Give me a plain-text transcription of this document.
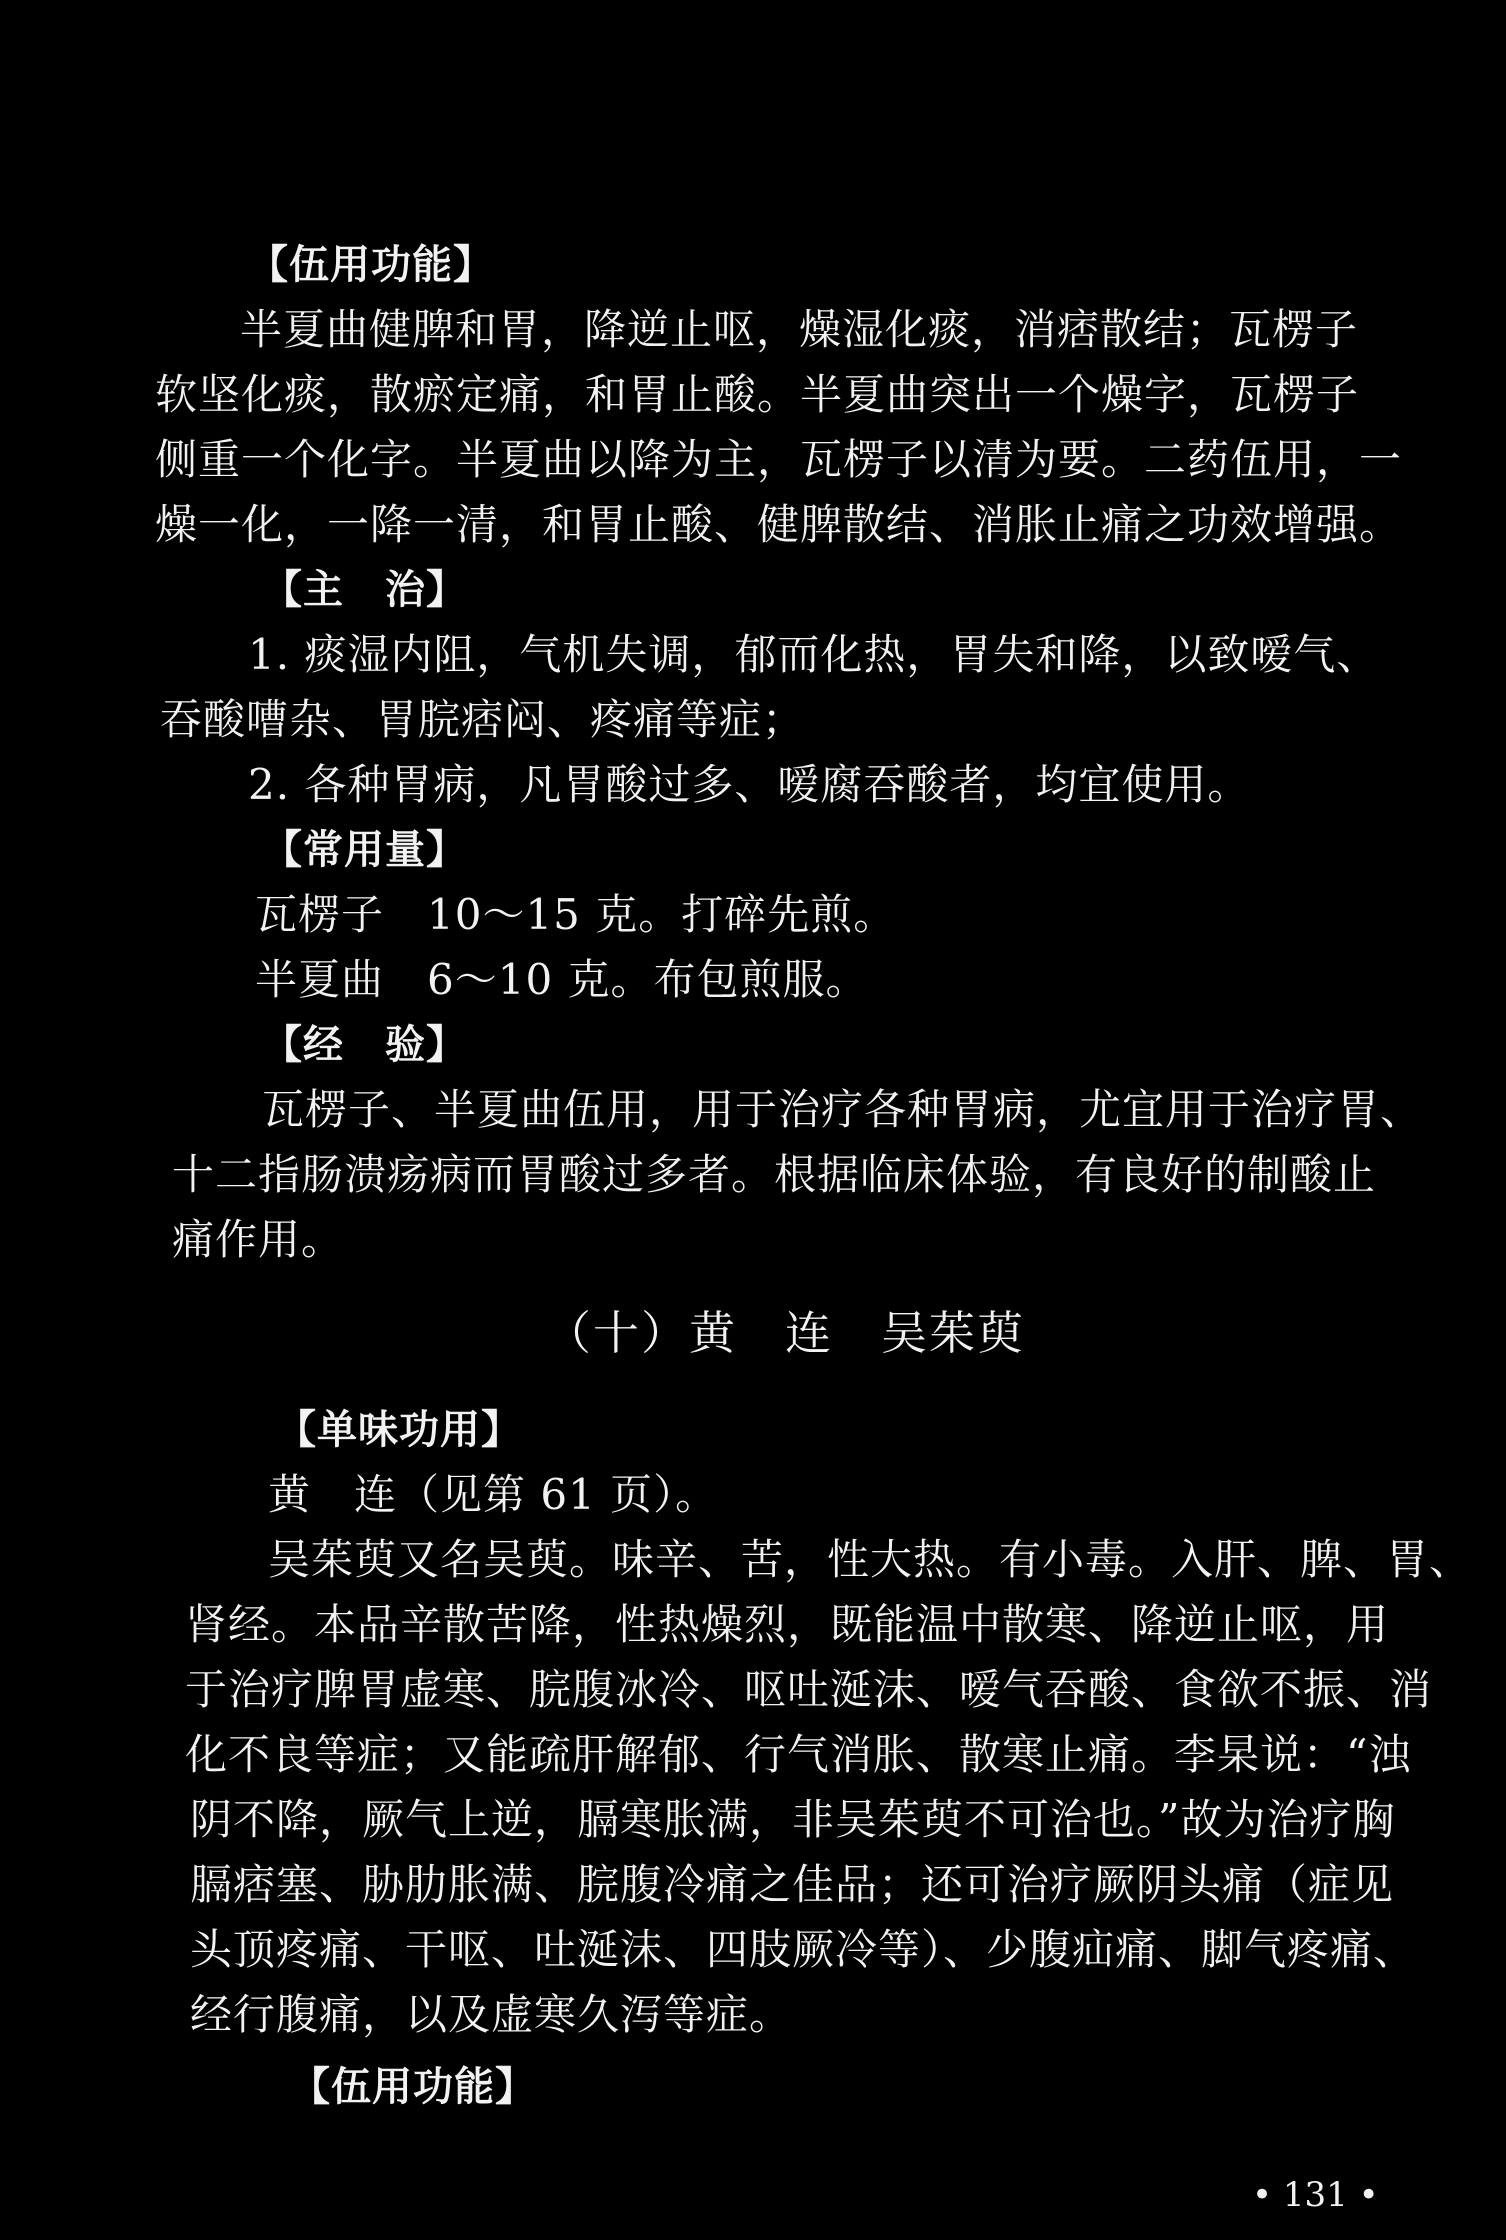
【伍用功能】
半夏曲健脾和胃，降逆止呕，燥湿化痰，消痞散结；瓦楞子
软坚化痰，散瘀定痛，和胃止酸。半夏曲突出一个燥字，瓦楞子
侧重一个化字。半夏曲以降为主，瓦楞子以清为要。二药伍用，一
燥一化，一降一清，和胃止酸、健脾散结、消胀止痛之功效增强。
【主　治】
1. 痰湿内阻，气机失调，郁而化热，胃失和降，以致嗳气、
吞酸嘈杂、胃脘痞闷、疼痛等症；
2. 各种胃病，凡胃酸过多、嗳腐吞酸者，均宜使用。
【常用量】
瓦楞子　10～15 克。打碎先煎。
半夏曲　6～10 克。布包煎服。
【经　验】
瓦楞子、半夏曲伍用，用于治疗各种胃病，尤宜用于治疗胃、
十二指肠溃疡病而胃酸过多者。根据临床体验，有良好的制酸止
痛作用。
（十）黄　连　吴茱萸
【单味功用】
黄　连（见第 61 页）。
吴茱萸又名吴萸。味辛、苦，性大热。有小毒。入肝、脾、胃、
肾经。本品辛散苦降，性热燥烈，既能温中散寒、降逆止呕，用
于治疗脾胃虚寒、脘腹冰冷、呕吐涎沫、嗳气吞酸、食欲不振、消
化不良等症；又能疏肝解郁、行气消胀、散寒止痛。李杲说：“浊
阴不降，厥气上逆，膈寒胀满，非吴茱萸不可治也。”故为治疗胸
膈痞塞、胁肋胀满、脘腹冷痛之佳品；还可治疗厥阴头痛（症见
头顶疼痛、干呕、吐涎沫、四肢厥冷等）、少腹疝痛、脚气疼痛、
经行腹痛，以及虚寒久泻等症。
【伍用功能】
• 131 •
